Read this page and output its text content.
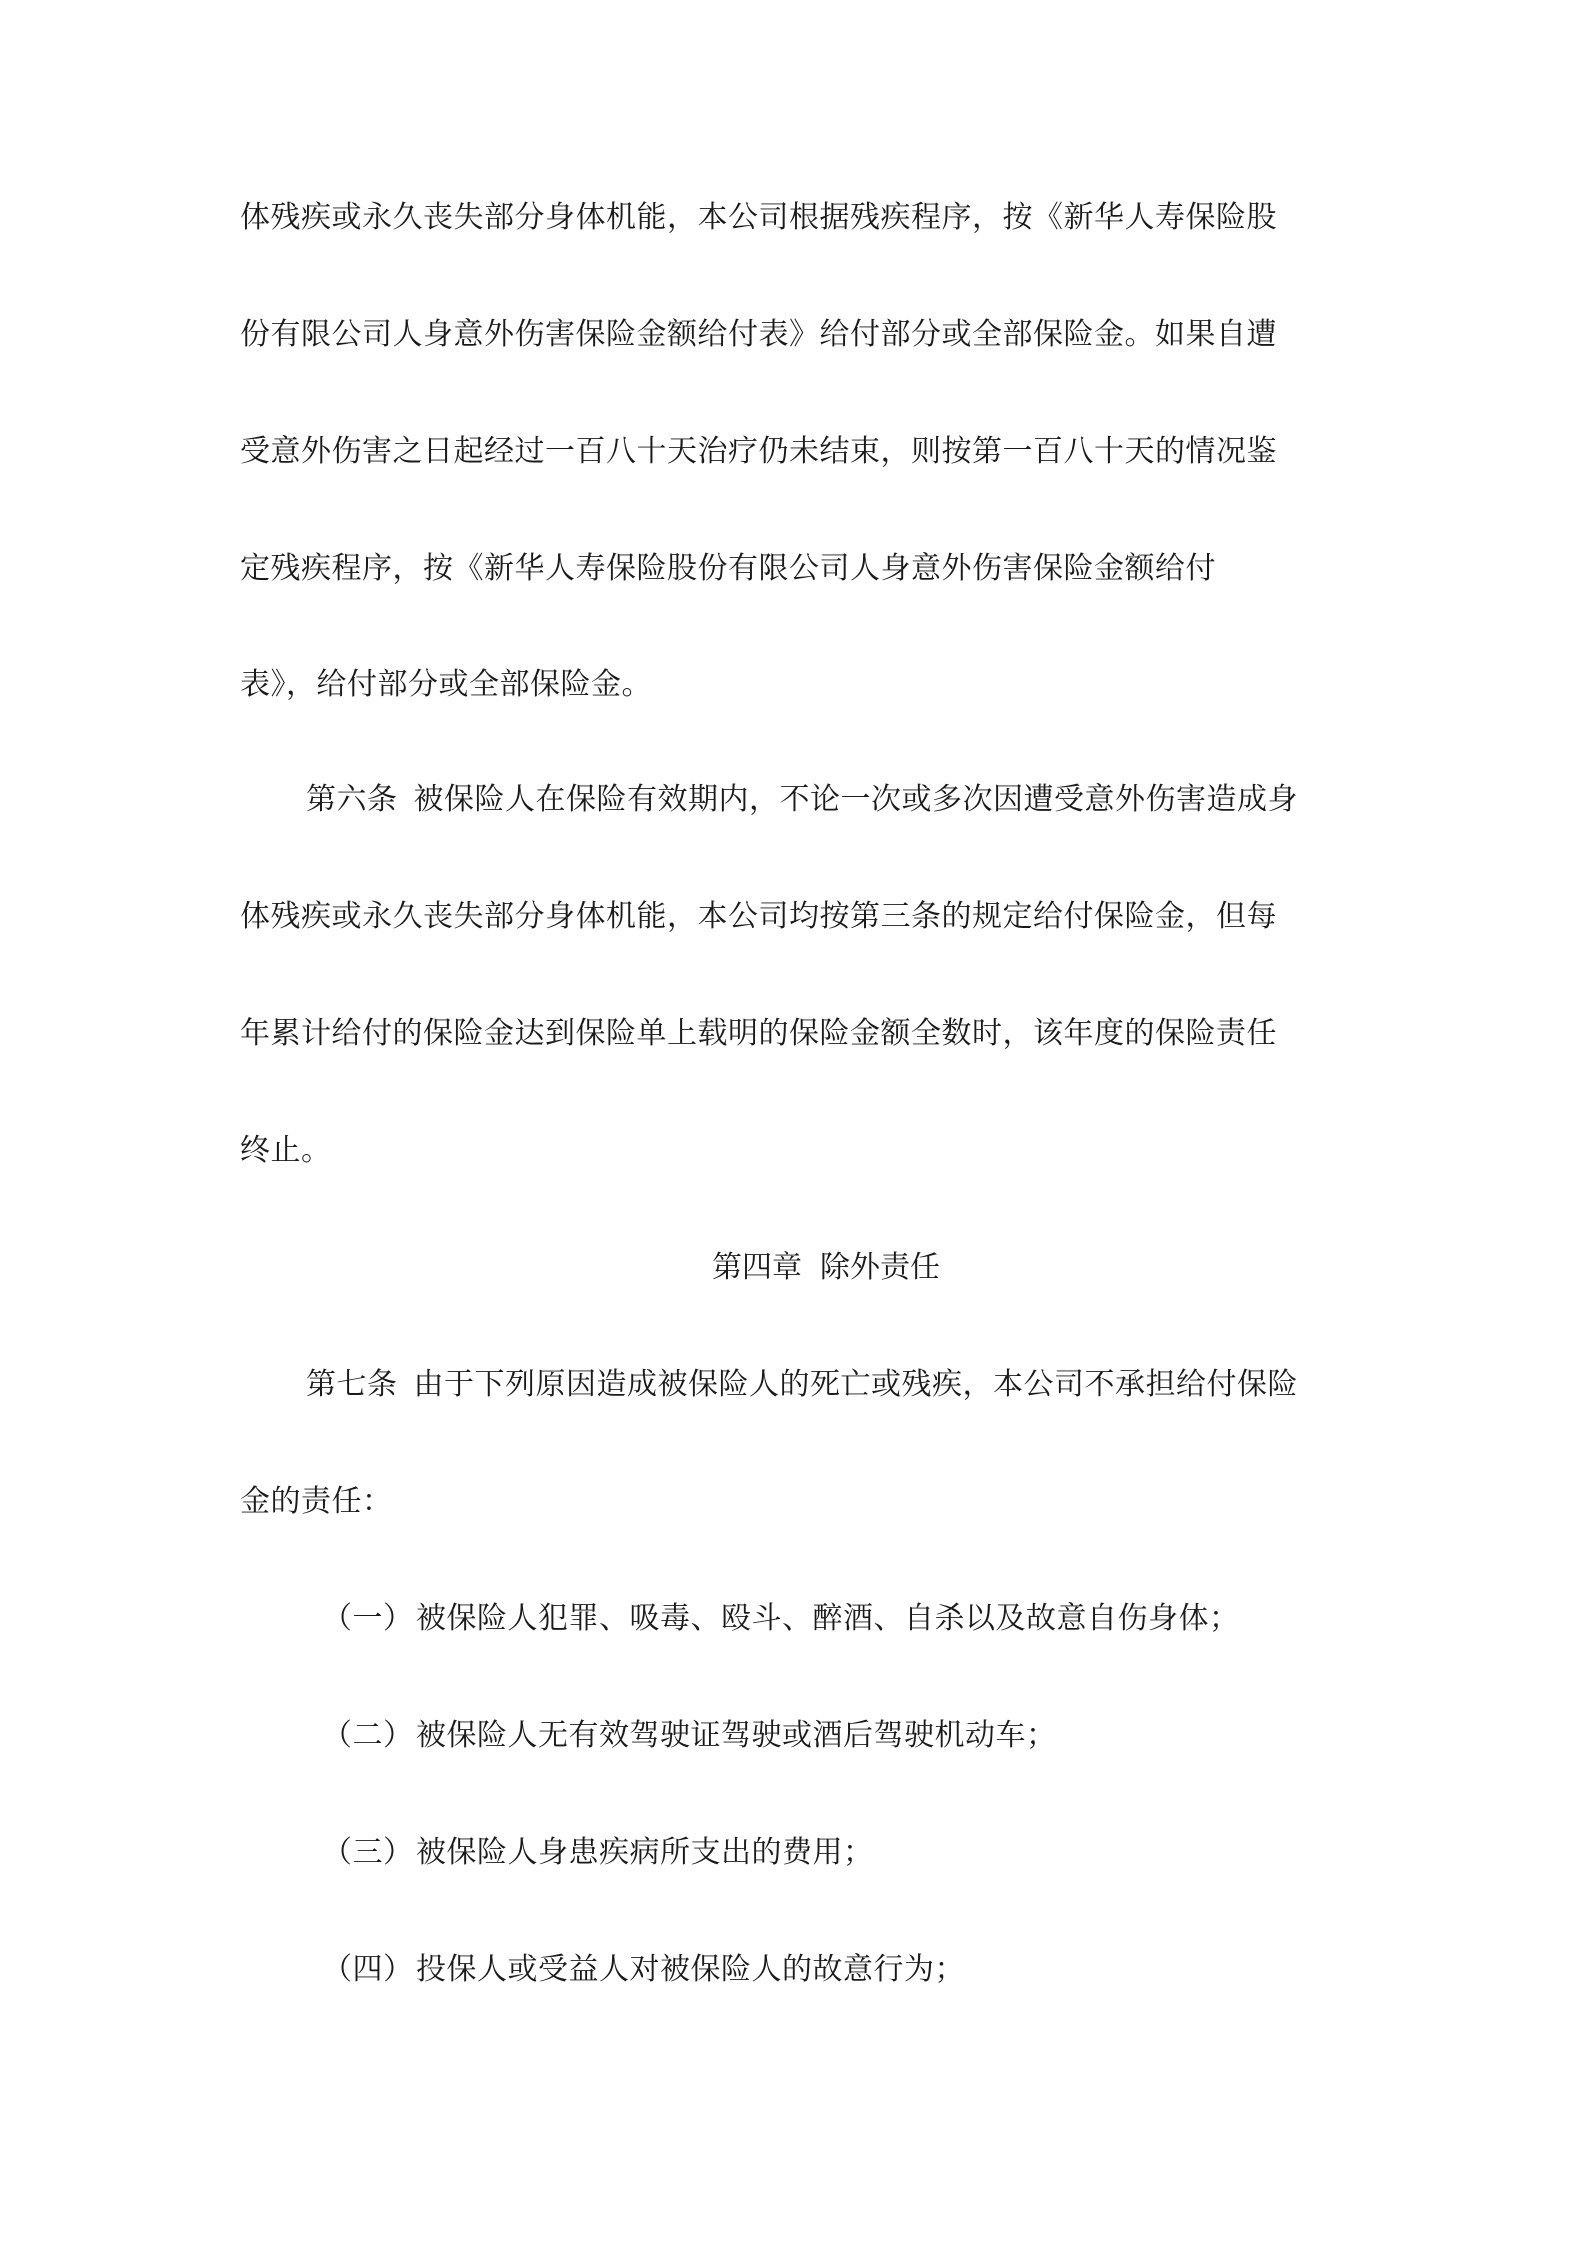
体残疾或永久丧失部分身体机能，本公司根据残疾程序，按《新华人寿保险股
份有限公司人身意外伤害保险金额给付表》给付部分或全部保险金。如果自遭
受意外伤害之日起经过一百八十天治疗仍未结束，则按第一百八十天的情况鉴
定残疾程序，按《新华人寿保险股份有限公司人身意外伤害保险金额给付
表》，给付部分或全部保险金。
第六条 被保险人在保险有效期内，不论一次或多次因遭受意外伤害造成身
体残疾或永久丧失部分身体机能，本公司均按第三条的规定给付保险金，但每
年累计给付的保险金达到保险单上载明的保险金额全数时，该年度的保险责任
终止。
第四章 除外责任
第七条 由于下列原因造成被保险人的死亡或残疾，本公司不承担给付保险
金的责任：
（一）被保险人犯罪、吸毒、殴斗、醉酒、自杀以及故意自伤身体；
（二）被保险人无有效驾驶证驾驶或酒后驾驶机动车；
（三）被保险人身患疾病所支出的费用；
（四）投保人或受益人对被保险人的故意行为；
